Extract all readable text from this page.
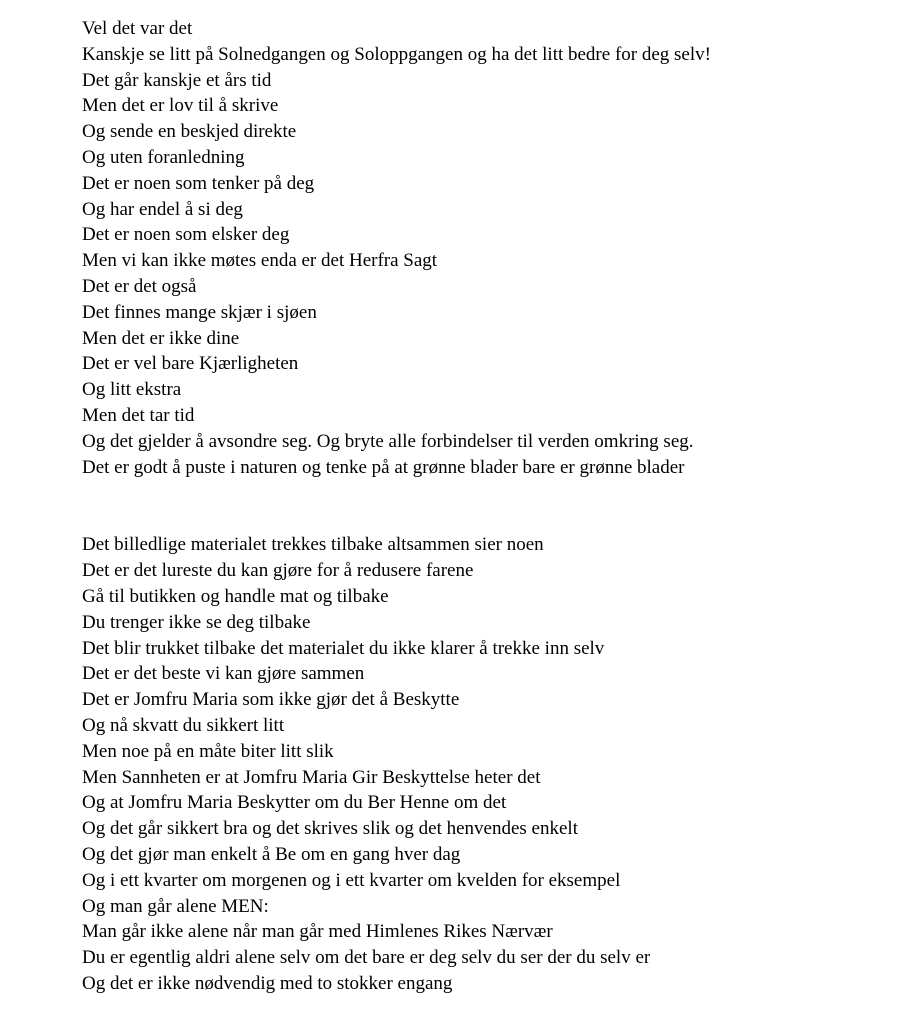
Vel det var det
Kanskje se litt på Solnedgangen og Soloppgangen og ha det litt bedre for deg selv!
Det går kanskje et års tid
Men det er lov til å skrive
Og sende en beskjed direkte
Og uten foranledning
Det er noen som tenker på deg
Og har endel å si deg
Det er noen som elsker deg
Men vi kan ikke møtes enda er det Herfra Sagt
Det er det også
Det finnes mange skjær i sjøen
Men det er ikke dine
Det er vel bare Kjærligheten
Og litt ekstra
Men det tar tid
Og det gjelder å avsondre seg. Og bryte alle forbindelser til verden omkring seg.
Det er godt å puste i naturen og tenke på at grønne blader bare er grønne blader
Det billedlige materialet trekkes tilbake altsammen sier noen
Det er det lureste du kan gjøre for å redusere farene
Gå til butikken og handle mat og tilbake
Du trenger ikke se deg tilbake
Det blir trukket tilbake det materialet du ikke klarer å trekke inn selv
Det er det beste vi kan gjøre sammen
Det er Jomfru Maria som ikke gjør det å Beskytte
Og nå skvatt du sikkert litt
Men noe på en måte biter litt slik
Men Sannheten er at Jomfru Maria Gir Beskyttelse heter det
Og at Jomfru Maria Beskytter om du Ber Henne om det
Og det går sikkert bra og det skrives slik og det henvendes enkelt
Og det gjør man enkelt å Be om en gang hver dag
Og i ett kvarter om morgenen og i ett kvarter om kvelden for eksempel
Og man går alene MEN:
Man går ikke alene når man går med Himlenes Rikes Nærvær
Du er egentlig aldri alene selv om det bare er deg selv du ser der du selv er
Og det er ikke nødvendig med to stokker engang
